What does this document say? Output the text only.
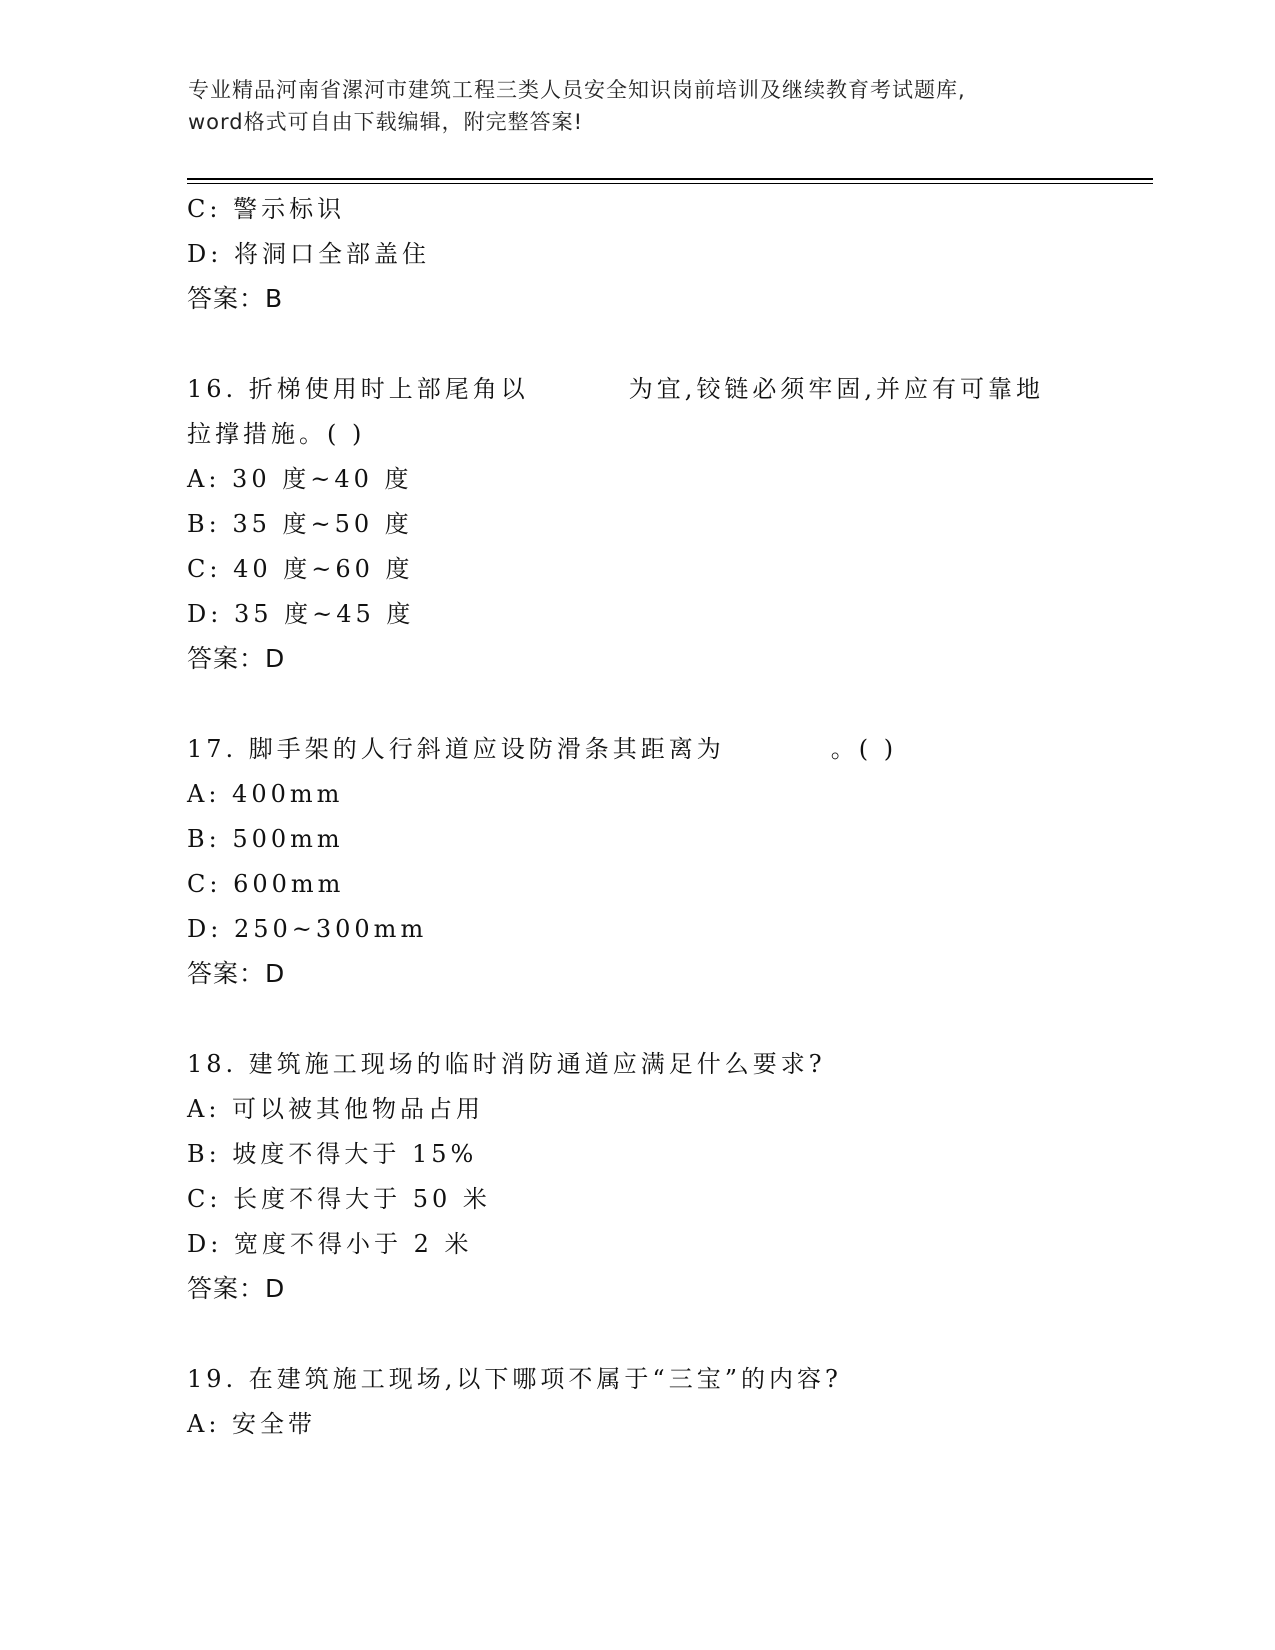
专业精品河南省漯河市建筑工程三类人员安全知识岗前培训及继续教育考试题库,
word格式可自由下载编辑，附完整答案!
C: 警示标识
D: 将洞口全部盖住
答案：B
16. 折梯使用时上部尾角以	为宜,铰链必须牢固,并应有可靠地
拉撑措施。( )
A: 30 度~40 度
B: 35 度~50 度
C: 40 度~60 度
D: 35 度~45 度
答案：D
17. 脚手架的人行斜道应设防滑条其距离为	。( )
A: 400mm
B: 500mm
C: 600mm
D: 250~300mm
答案：D
18. 建筑施工现场的临时消防通道应满足什么要求?
A: 可以被其他物品占用
B: 坡度不得大于 15%
C: 长度不得大于 50 米
D: 宽度不得小于 2 米
答案：D
19. 在建筑施工现场,以下哪项不属于“三宝”的内容?
A: 安全带
